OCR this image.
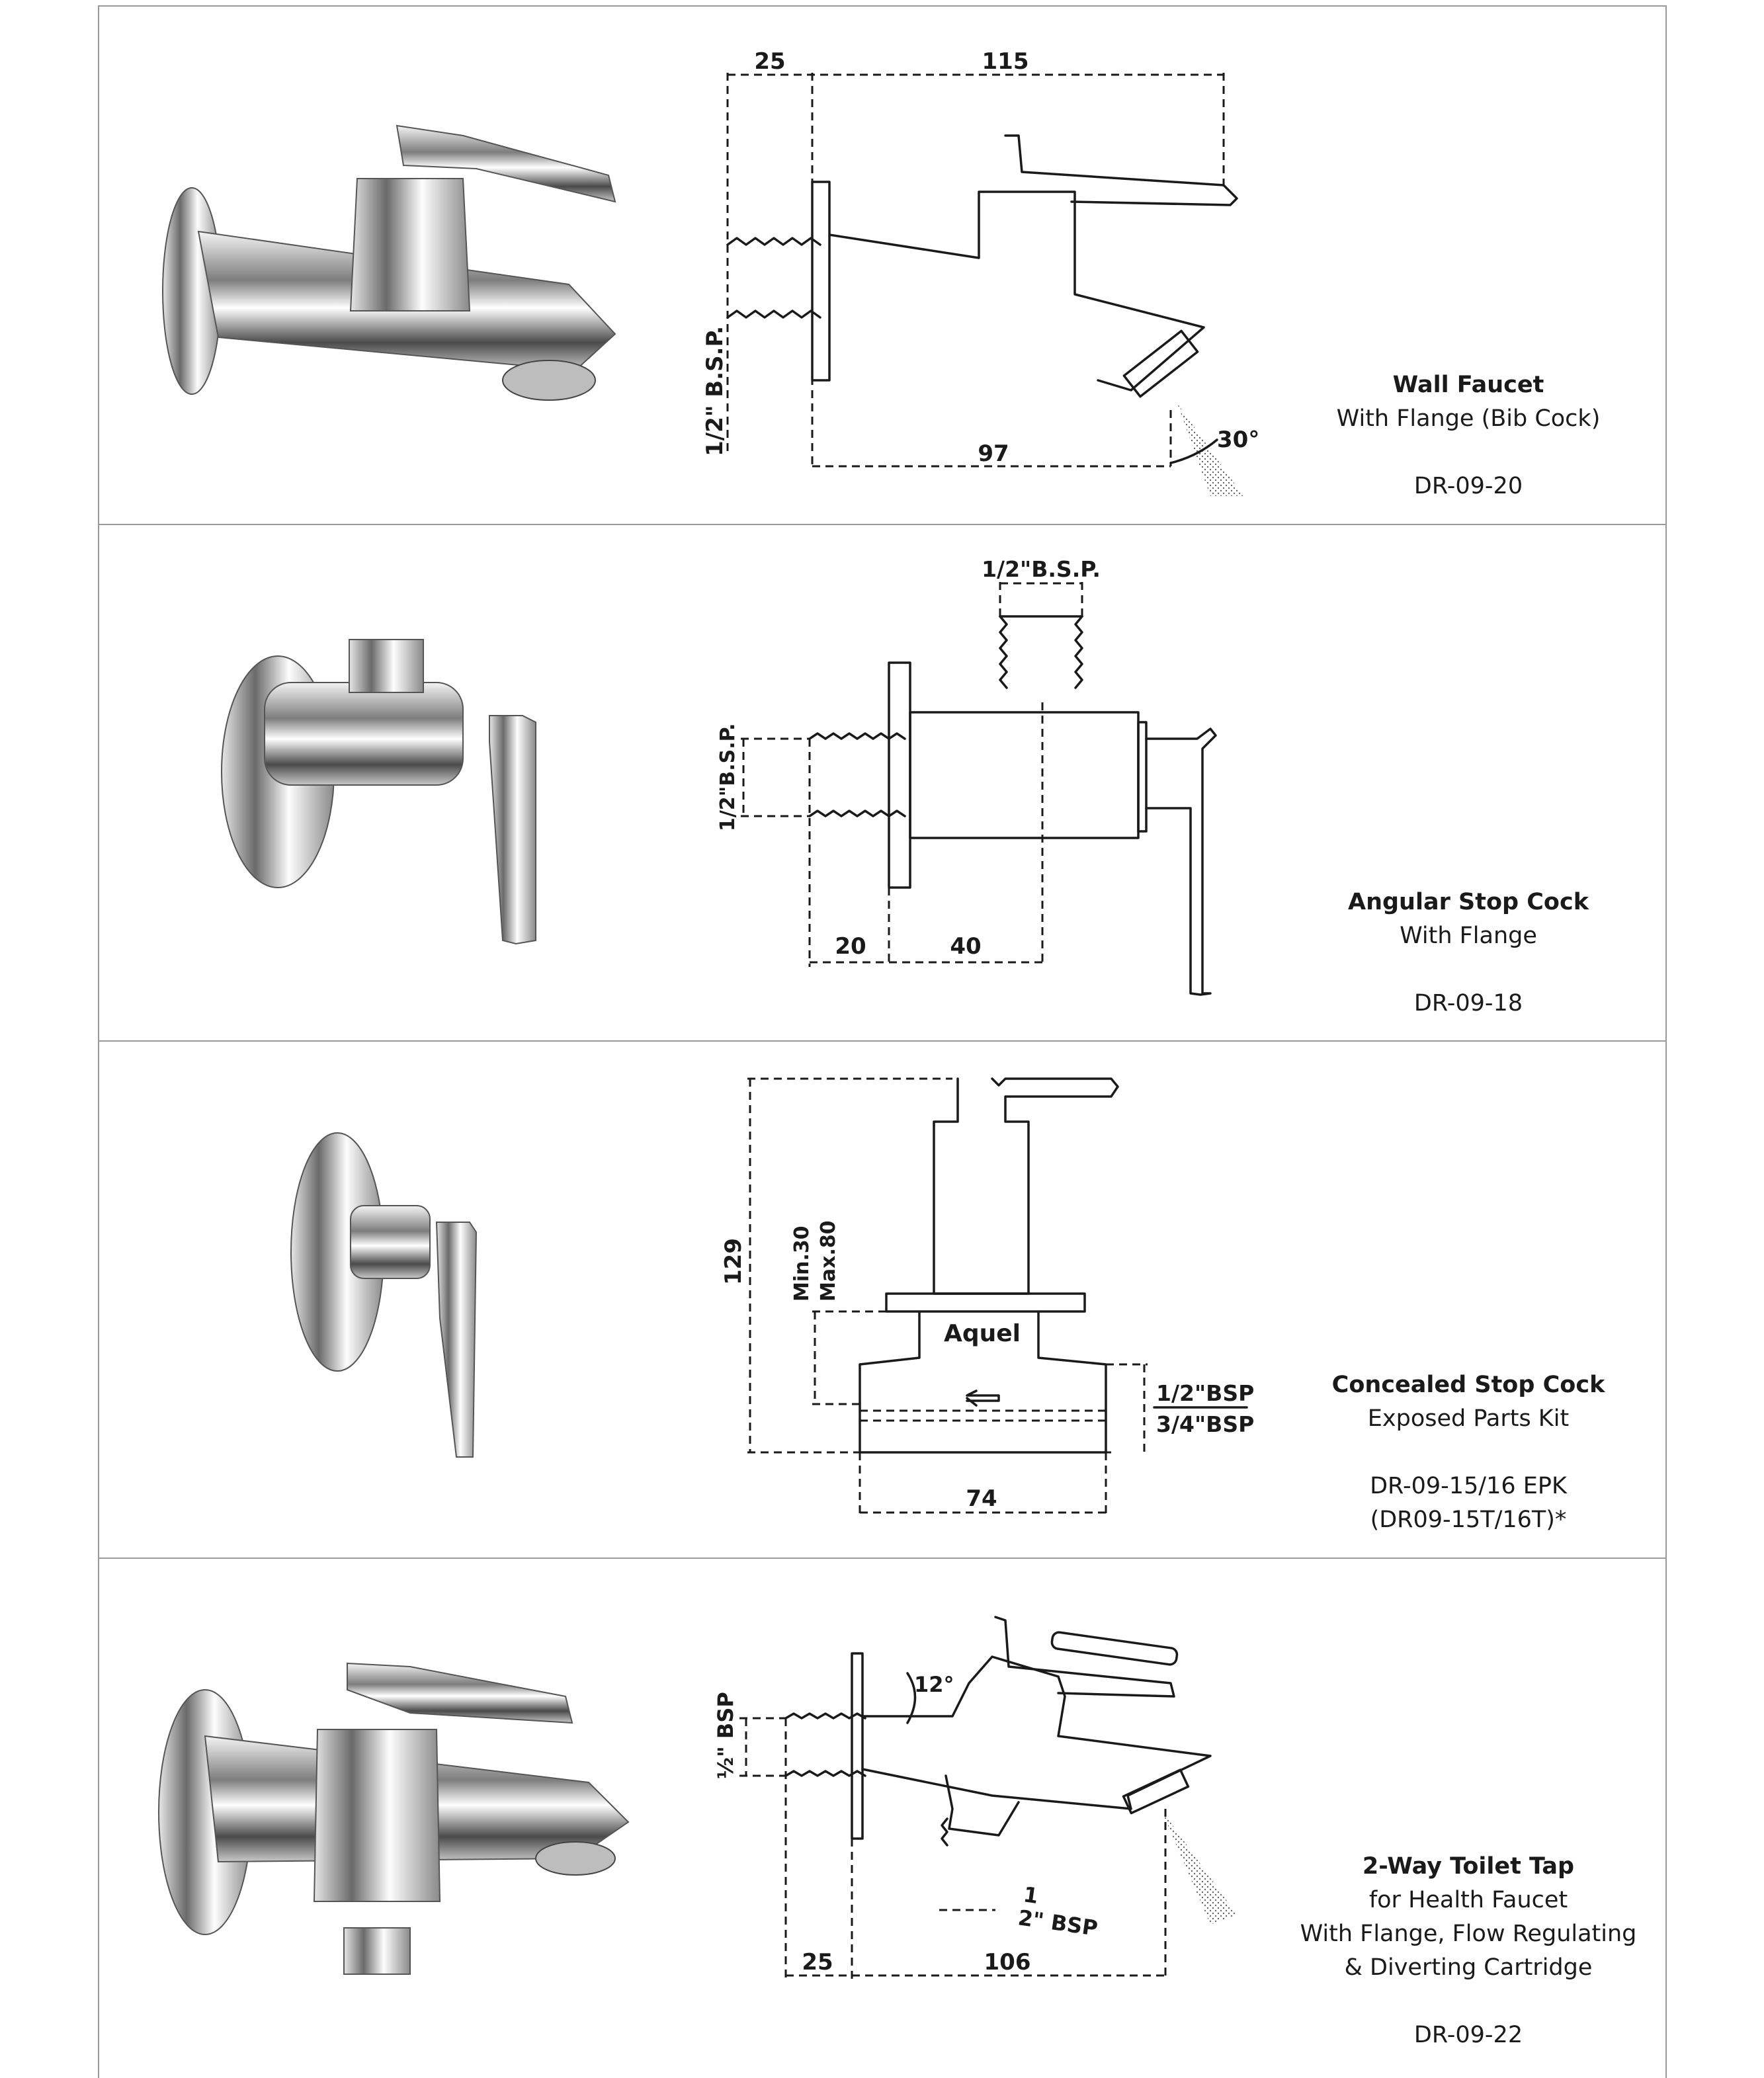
25	115
97
30°
1/2" B.S.P.	Wall Faucet
With Flange (Bib Cock)
DR-09-20
1/2"B.S.P.
1/2"B.S.P.
20	40
Angular Stop Cock
With Flange
DR-09-18
129 Min.30 Max.80
Aquel
1/2"BSP
3/4"BSP
74
Concealed Stop Cock
Exposed Parts Kit
DR-09-15/16 EPK
(DR09-15T/16T)*
12°
½" BSP
1
2" BSP
25	106
2-Way Toilet Tap
for Health Faucet
With Flange, Flow Regulating
& Diverting Cartridge
DR-09-22
